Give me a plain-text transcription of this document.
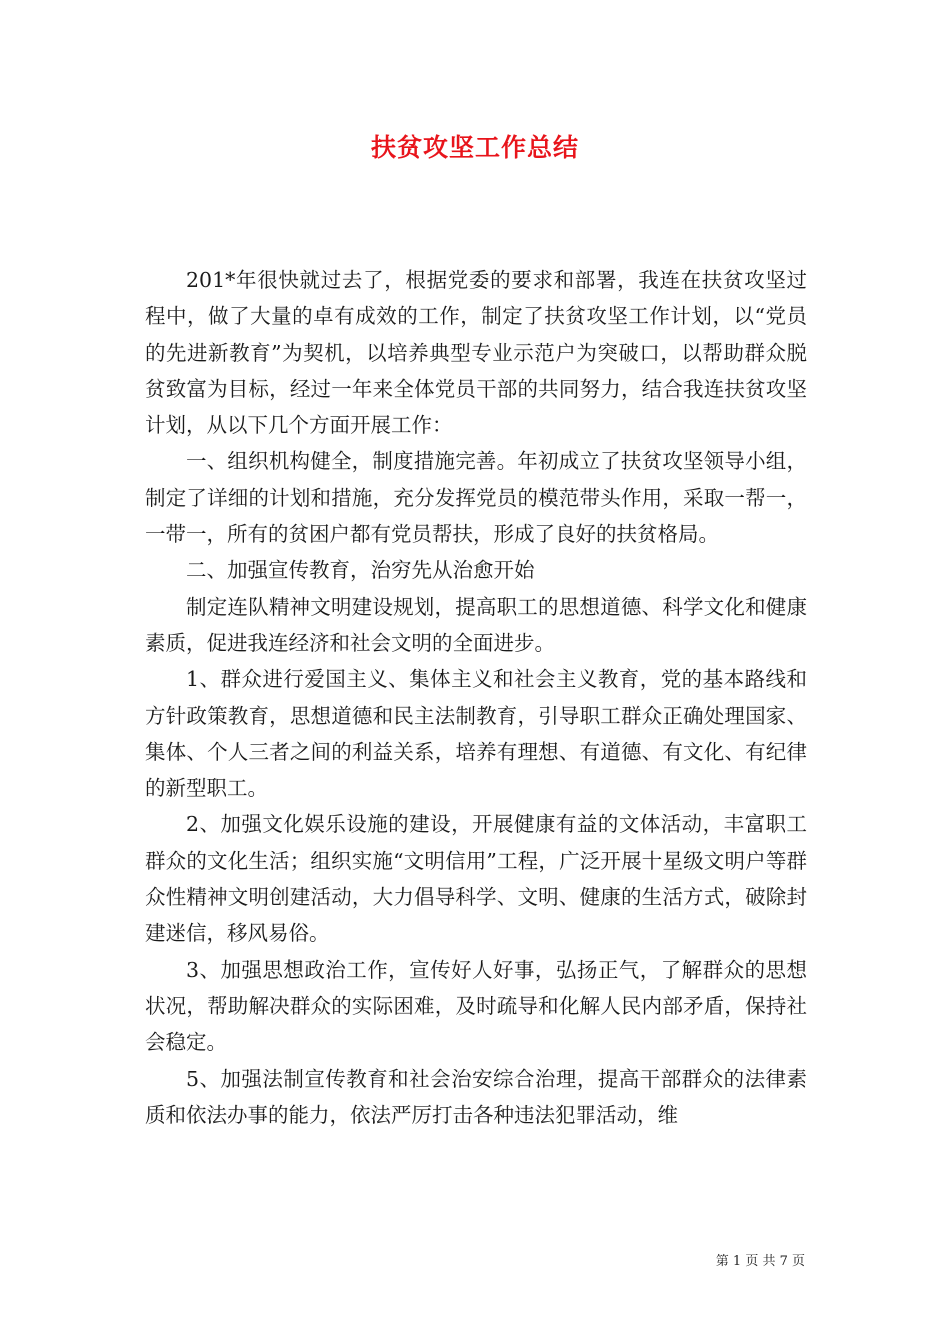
扶贫攻坚工作总结

201*年很快就过去了，根据党委的要求和部署，我连在扶贫攻坚过程中，做了大量的卓有成效的工作，制定了扶贫攻坚工作计划，以“党员的先进新教育”为契机，以培养典型专业示范户为突破口，以帮助群众脱贫致富为目标，经过一年来全体党员干部的共同努力，结合我连扶贫攻坚计划，从以下几个方面开展工作：

一、组织机构健全，制度措施完善。年初成立了扶贫攻坚领导小组，制定了详细的计划和措施，充分发挥党员的模范带头作用，采取一帮一，一带一，所有的贫困户都有党员帮扶，形成了良好的扶贫格局。

二、加强宣传教育，治穷先从治愈开始

制定连队精神文明建设规划，提高职工的思想道德、科学文化和健康素质，促进我连经济和社会文明的全面进步。

1、群众进行爱国主义、集体主义和社会主义教育，党的基本路线和方针政策教育，思想道德和民主法制教育，引导职工群众正确处理国家、集体、个人三者之间的利益关系，培养有理想、有道德、有文化、有纪律的新型职工。

2、加强文化娱乐设施的建设，开展健康有益的文体活动，丰富职工群众的文化生活；组织实施“文明信用”工程，广泛开展十星级文明户等群众性精神文明创建活动，大力倡导科学、文明、健康的生活方式，破除封建迷信，移风易俗。

3、加强思想政治工作，宣传好人好事，弘扬正气，了解群众的思想状况，帮助解决群众的实际困难，及时疏导和化解人民内部矛盾，保持社会稳定。

5、加强法制宣传教育和社会治安综合治理，提高干部群众的法律素质和依法办事的能力，依法严厉打击各种违法犯罪活动，维

第 1 页 共 7 页
